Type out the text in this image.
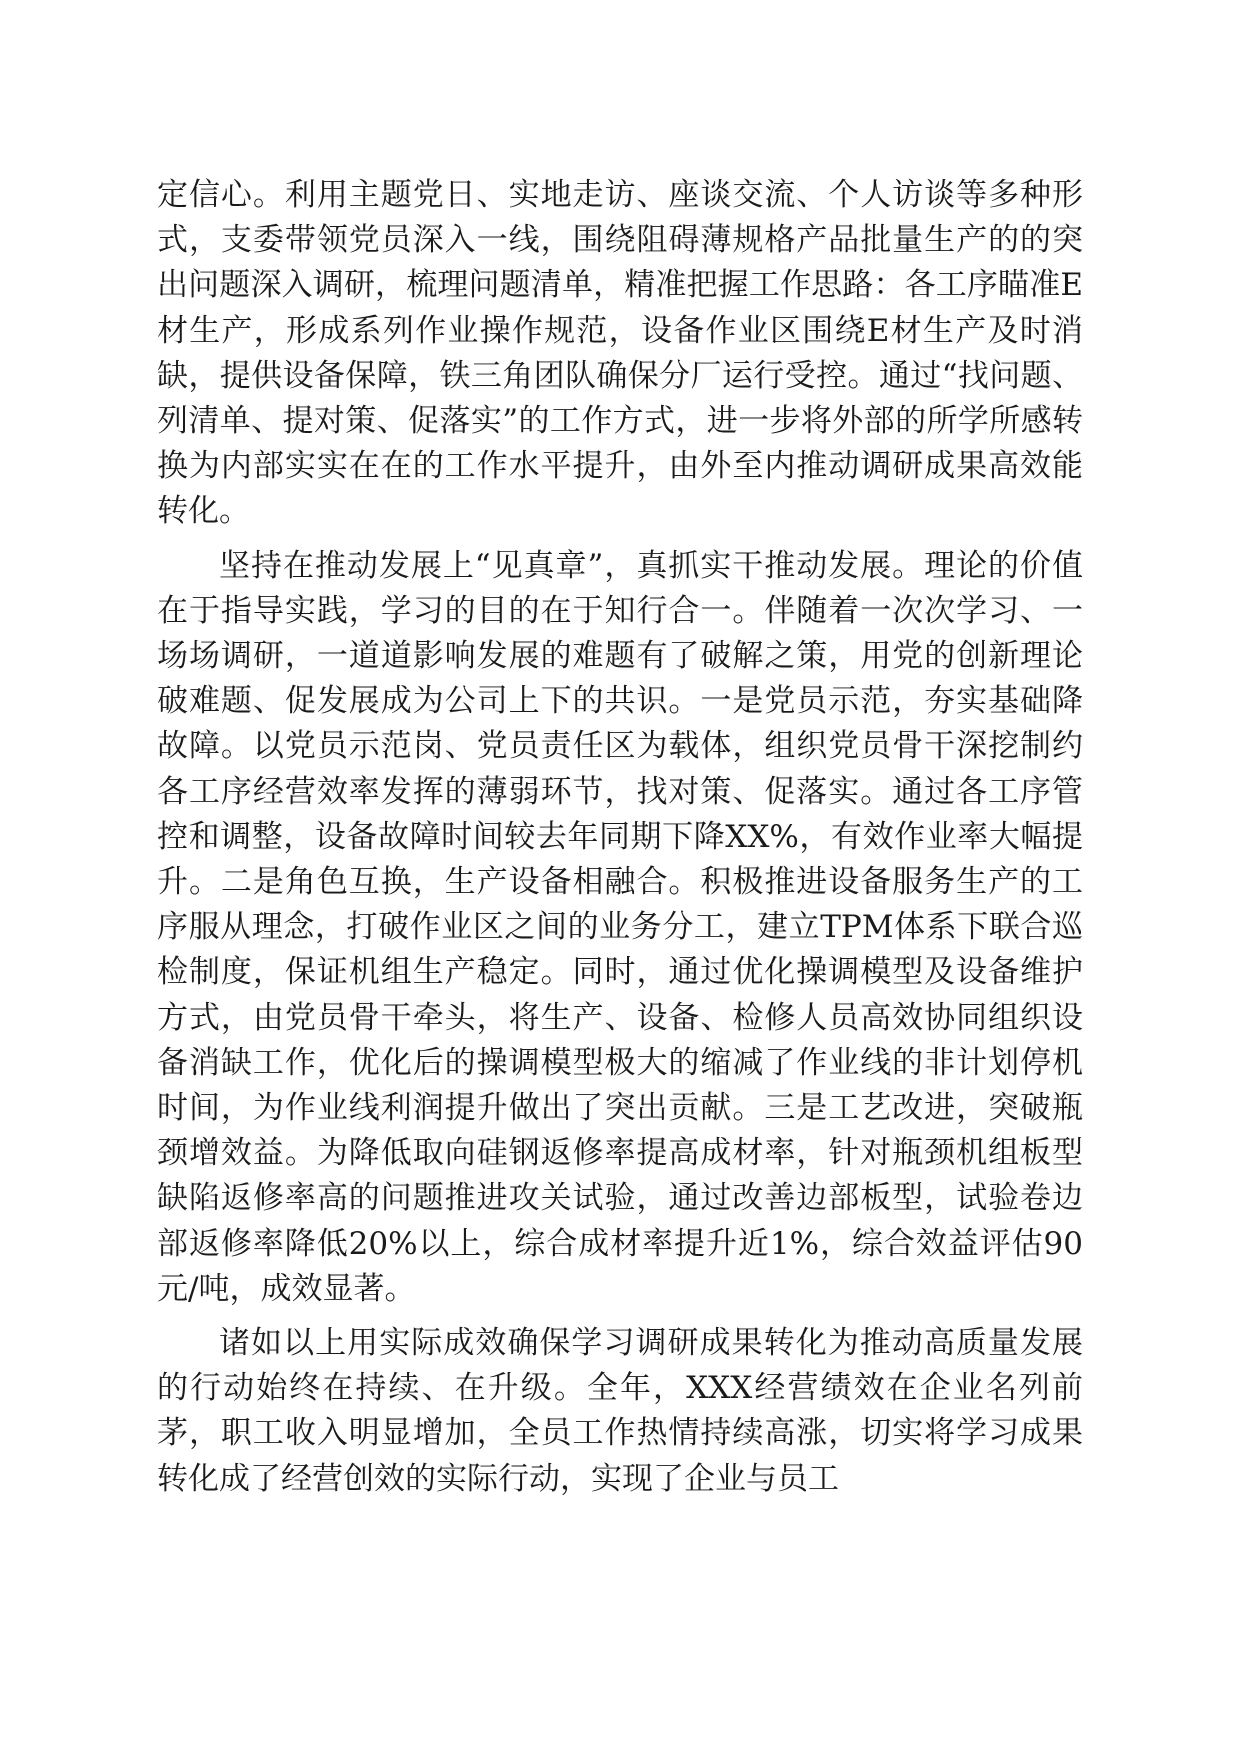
定信心。利用主题党日、实地走访、座谈交流、个人访谈等多种形式，支委带领党员深入一线，围绕阻碍薄规格产品批量生产的的突出问题深入调研，梳理问题清单，精准把握工作思路：各工序瞄准E材生产，形成系列作业操作规范，设备作业区围绕E材生产及时消缺，提供设备保障，铁三角团队确保分厂运行受控。通过“找问题、列清单、提对策、促落实”的工作方式，进一步将外部的所学所感转换为内部实实在在的工作水平提升，由外至内推动调研成果高效能转化。

坚持在推动发展上“见真章”，真抓实干推动发展。理论的价值在于指导实践，学习的目的在于知行合一。伴随着一次次学习、一场场调研，一道道影响发展的难题有了破解之策，用党的创新理论破难题、促发展成为公司上下的共识。一是党员示范，夯实基础降故障。以党员示范岗、党员责任区为载体，组织党员骨干深挖制约各工序经营效率发挥的薄弱环节，找对策、促落实。通过各工序管控和调整，设备故障时间较去年同期下降XX%，有效作业率大幅提升。二是角色互换，生产设备相融合。积极推进设备服务生产的工序服从理念，打破作业区之间的业务分工，建立TPM体系下联合巡检制度，保证机组生产稳定。同时，通过优化操调模型及设备维护方式，由党员骨干牵头，将生产、设备、检修人员高效协同组织设备消缺工作，优化后的操调模型极大的缩减了作业线的非计划停机时间，为作业线利润提升做出了突出贡献。三是工艺改进，突破瓶颈增效益。为降低取向硅钢返修率提高成材率，针对瓶颈机组板型缺陷返修率高的问题推进攻关试验，通过改善边部板型，试验卷边部返修率降低20%以上，综合成材率提升近1%，综合效益评估90元/吨，成效显著。

诸如以上用实际成效确保学习调研成果转化为推动高质量发展的行动始终在持续、在升级。全年，XXX经营绩效在企业名列前茅，职工收入明显增加，全员工作热情持续高涨，切实将学习成果转化成了经营创效的实际行动，实现了企业与员工
